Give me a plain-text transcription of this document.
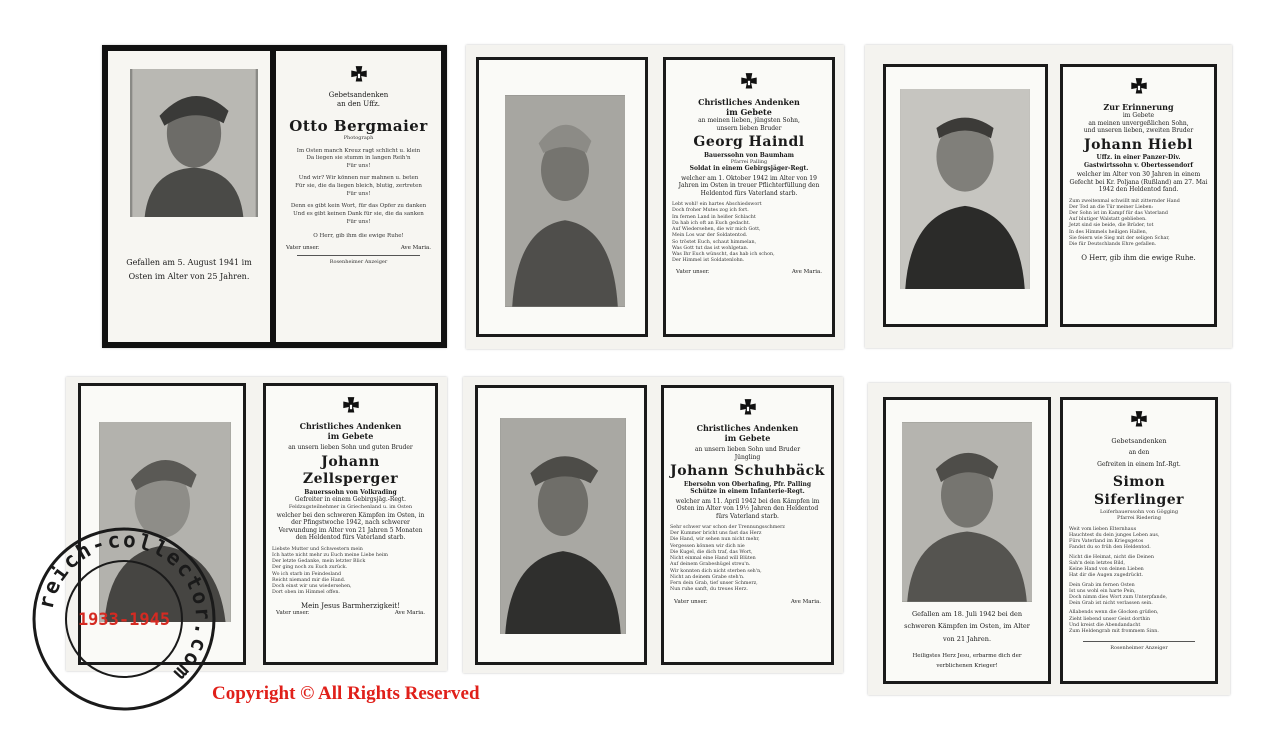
Gefallen am 5. August 1941 im
Osten im Alter von 25 Jahren.
Gebetsandenken
an den Uffz.
Otto Bergmaier
Photograph
Im Osten manch Kreuz ragt schlicht u. klein
Da liegen sie stumm in langen Reih'n
Für uns!
Und wir? Wir können nur mahnen u. beten
Für sie, die da liegen bleich, blutig, zertreten
Für uns!
Denn es gibt kein Wort, für das Opfer zu danken
Und es gibt keinen Dank für sie, die da sanken
Für uns!
O Herr, gib ihm die ewige Ruhe!
Vater unser.	Ave Maria.
Rosenheimer Anzeiger
Christliches Andenken
im Gebete
an meinen lieben, jüngsten Sohn,
unsern lieben Bruder
Georg Haindl
Bauerssohn von Baumham
Pfarrei Palling
Soldat in einem Gebirgsjäger-Regt.
welcher am 1. Oktober 1942 im Alter von 19 Jahren im Osten in treuer Pflichterfüllung den Heldentod fürs Vaterland starb.
Lebt wohl! ein hartes Abschiedswort
Doch froher Mutes zog ich fort.
Im fernen Land in heißer Schlacht
Da hab ich oft an Euch gedacht.
Auf Wiedersehen, die wir mich Gott,
Mein Los war der Soldatentod.
So tröstet Euch, schaut himmelan,
Was Gott tut das ist wohlgetan.
Was Ihr Euch wünscht, das hab ich schon,
Der Himmel ist Soldatenlohn.
Vater unser.	Ave Maria.
Zur Erinnerung
im Gebete
an meinen unvergeßlichen Sohn,
und unseren lieben, zweiten Bruder
Johann Hiebl
Uffz. in einer Panzer-Div.
Gastwirtssohn v. Obertessendorf
welcher im Alter von 30 Jahren in einem Gefecht bei Kr. Poljana (Rußland) am 27. Mai 1942 den Heldentod fand.
Zum zweitenmal schwillt mit zitternder Hand
Der Tod an die Tür meiner Lieben:
Der Sohn ist im Kampf für das Vaterland
Auf blutiger Walstatt geblieben.
Jetzt sind sie beide, die Brüder, tot
In des Himmels heiligen Hallen,
Sie feiern wie Sieg mit der seligen Schar,
Die für Deutschlands Ehre gefallen.
O Herr, gib ihm die ewige Ruhe.
Christliches Andenken
im Gebete
an unsern lieben Sohn und guten Bruder
Johann Zellsperger
Bauerssohn von Volkrading
Gefreiter in einem Gebirgsjäg.-Regt.
Feldzugsteilnehmer in Griechenland u. im Osten
welcher bei den schweren Kämpfen im Osten, in der Pfingstwoche 1942, nach schwerer Verwundung im Alter von 21 Jahren 5 Monaten den Heldentod fürs Vaterland starb.
Liebste Mutter und Schwestern mein
Ich hatte nicht mehr zu Euch meine Liebe heim
Der letzte Gedanke, mein letzter Blick
Der ging noch zu Euch zurück.
Wo ich starb im Feindesland
Reicht niemand mir die Hand.
Doch einst wir uns wiedersehen,
Dort oben im Himmel offen.
Mein Jesus Barmherzigkeit!
Vater unser.	Ave Maria.
Christliches Andenken
im Gebete
an unsern lieben Sohn und Bruder
Jüngling
Johann Schuhbäck
Ebersohn von Oberhafing, Pfr. Palling
Schütze in einem Infanterie-Regt.
welcher am 11. April 1942 bei den Kämpfen im Osten im Alter von 19½ Jahren den Heldentod fürs Vaterland starb.
Sehr schwer war schon der Trennungsschmerz
Der Kummer bricht uns fast das Herz
Die Hand, wir sehen nun nicht mehr,
Vergessen können wir dich nie
Die Kugel, die dich traf, das Wort,
Nicht einmal eine Hand will Blüten
Auf deinem Grabeshügel streu'n.
Wir konnten dich nicht sterben seh'n,
Nicht an deinem Grabe steh'n.
Fern dein Grab, tief unser Schmerz,
Nun ruhe sanft, du treues Herz.
Vater unser.	Ave Maria.
Gefallen am 18. Juli 1942 bei den
schweren Kämpfen im Osten, im Alter
von 21 Jahren.
Heiligstes Herz Jesu, erbarme dich der
verblichenen Krieger!
Gebetsandenken
an den
Gefreiten in einem Inf.-Rgt.
Simon Siferlinger
Loiferbauerssohn von Gögging
Pfarrei Riedering
Weit vom lieben Elternhaus
Hauchtest du dein junges Leben aus,
Fürs Vaterland im Kriegsgetos
Fandst du so früh den Heldentod.
Nicht die Heimat, nicht die Deinen
Sah'n dein letztes Bild,
Keine Hand von deinen Lieben
Hat dir die Augen zugedrückt.
Dein Grab im fernen Osten
Ist uns wohl ein harte Pein,
Doch nimm dies Wort zum Unterpfande,
Dein Grab ist nicht verlassen sein.
Allabends wenn die Glocken grüßen,
Zieht liebend unser Geist dorthin
Und kreist die Abendandacht
Zum Heldengrab mit frommem Sinn.
Rosenheimer Anzeiger
reich-collector.com
1933-1945
Copyright © All Rights Reserved
